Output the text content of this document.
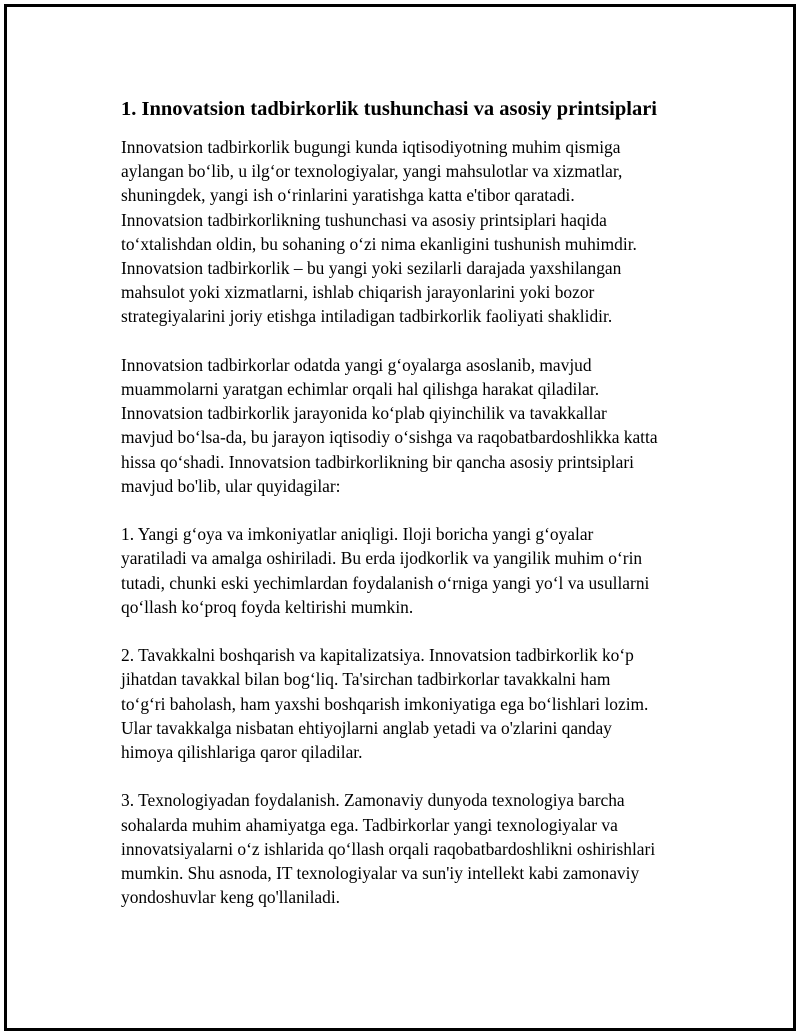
1. Innovatsion tadbirkorlik tushunchasi va asosiy printsiplari

Innovatsion tadbirkorlik bugungi kunda iqtisodiyotning muhim qismiga
aylangan bo‘lib, u ilg‘or texnologiyalar, yangi mahsulotlar va xizmatlar,
shuningdek, yangi ish o‘rinlarini yaratishga katta e'tibor qaratadi.
Innovatsion tadbirkorlikning tushunchasi va asosiy printsiplari haqida
to‘xtalishdan oldin, bu sohaning o‘zi nima ekanligini tushunish muhimdir.
Innovatsion tadbirkorlik – bu yangi yoki sezilarli darajada yaxshilangan
mahsulot yoki xizmatlarni, ishlab chiqarish jarayonlarini yoki bozor
strategiyalarini joriy etishga intiladigan tadbirkorlik faoliyati shaklidir.

Innovatsion tadbirkorlar odatda yangi g‘oyalarga asoslanib, mavjud
muammolarni yaratgan echimlar orqali hal qilishga harakat qiladilar.
Innovatsion tadbirkorlik jarayonida ko‘plab qiyinchilik va tavakkallar
mavjud bo‘lsa-da, bu jarayon iqtisodiy o‘sishga va raqobatbardoshlikka katta
hissa qo‘shadi. Innovatsion tadbirkorlikning bir qancha asosiy printsiplari
mavjud bo'lib, ular quyidagilar:

1. Yangi g‘oya va imkoniyatlar aniqligi. Iloji boricha yangi g‘oyalar
yaratiladi va amalga oshiriladi. Bu erda ijodkorlik va yangilik muhim o‘rin
tutadi, chunki eski yechimlardan foydalanish o‘rniga yangi yo‘l va usullarni
qo‘llash ko‘proq foyda keltirishi mumkin.

2. Tavakkalni boshqarish va kapitalizatsiya. Innovatsion tadbirkorlik ko‘p
jihatdan tavakkal bilan bog‘liq. Ta'sirchan tadbirkorlar tavakkalni ham
to‘g‘ri baholash, ham yaxshi boshqarish imkoniyatiga ega bo‘lishlari lozim.
Ular tavakkalga nisbatan ehtiyojlarni anglab yetadi va o'zlarini qanday
himoya qilishlariga qaror qiladilar.

3. Texnologiyadan foydalanish. Zamonaviy dunyoda texnologiya barcha
sohalarda muhim ahamiyatga ega. Tadbirkorlar yangi texnologiyalar va
innovatsiyalarni o‘z ishlarida qo‘llash orqali raqobatbardoshlikni oshirishlari
mumkin. Shu asnoda, IT texnologiyalar va sun'iy intellekt kabi zamonaviy
yondoshuvlar keng qo'llaniladi.
